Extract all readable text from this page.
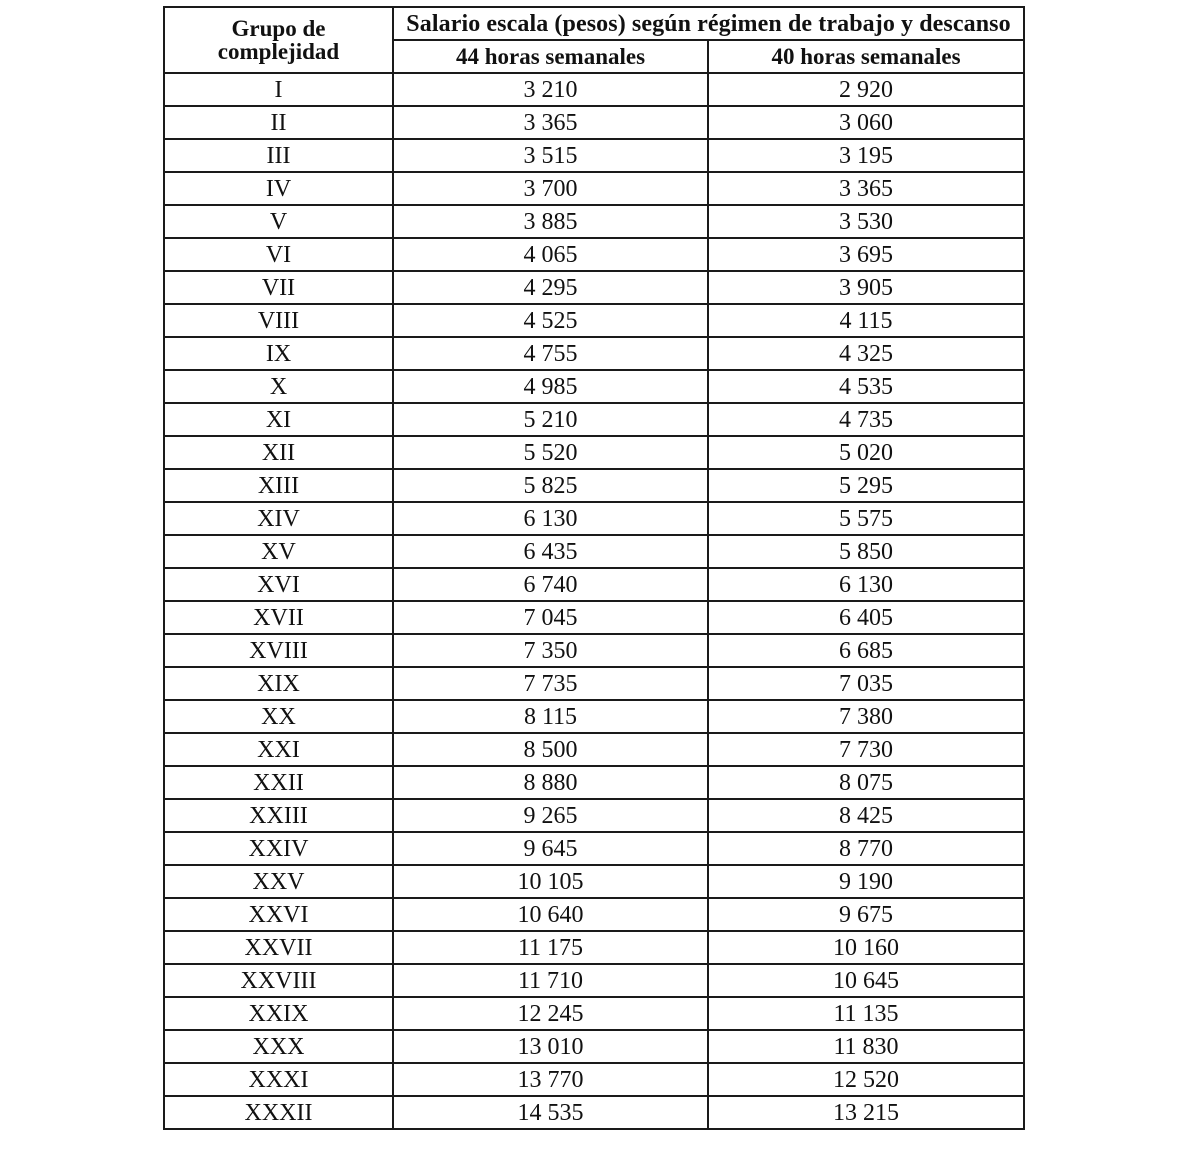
Grupo de
complejidad	Salario escala (pesos) según régimen de trabajo y descanso	
	44 horas semanales	40 horas semanales
I	3 210	2 920
II	3 365	3 060
III	3 515	3 195
IV	3 700	3 365
V	3 885	3 530
VI	4 065	3 695
VII	4 295	3 905
VIII	4 525	4 115
IX	4 755	4 325
X	4 985	4 535
XI	5 210	4 735
XII	5 520	5 020
XIII	5 825	5 295
XIV	6 130	5 575
XV	6 435	5 850
XVI	6 740	6 130
XVII	7 045	6 405
XVIII	7 350	6 685
XIX	7 735	7 035
XX	8 115	7 380
XXI	8 500	7 730
XXII	8 880	8 075
XXIII	9 265	8 425
XXIV	9 645	8 770
XXV	10 105	9 190
XXVI	10 640	9 675
XXVII	11 175	10 160
XXVIII	11 710	10 645
XXIX	12 245	11 135
XXX	13 010	11 830
XXXI	13 770	12 520
XXXII	14 535	13 215
